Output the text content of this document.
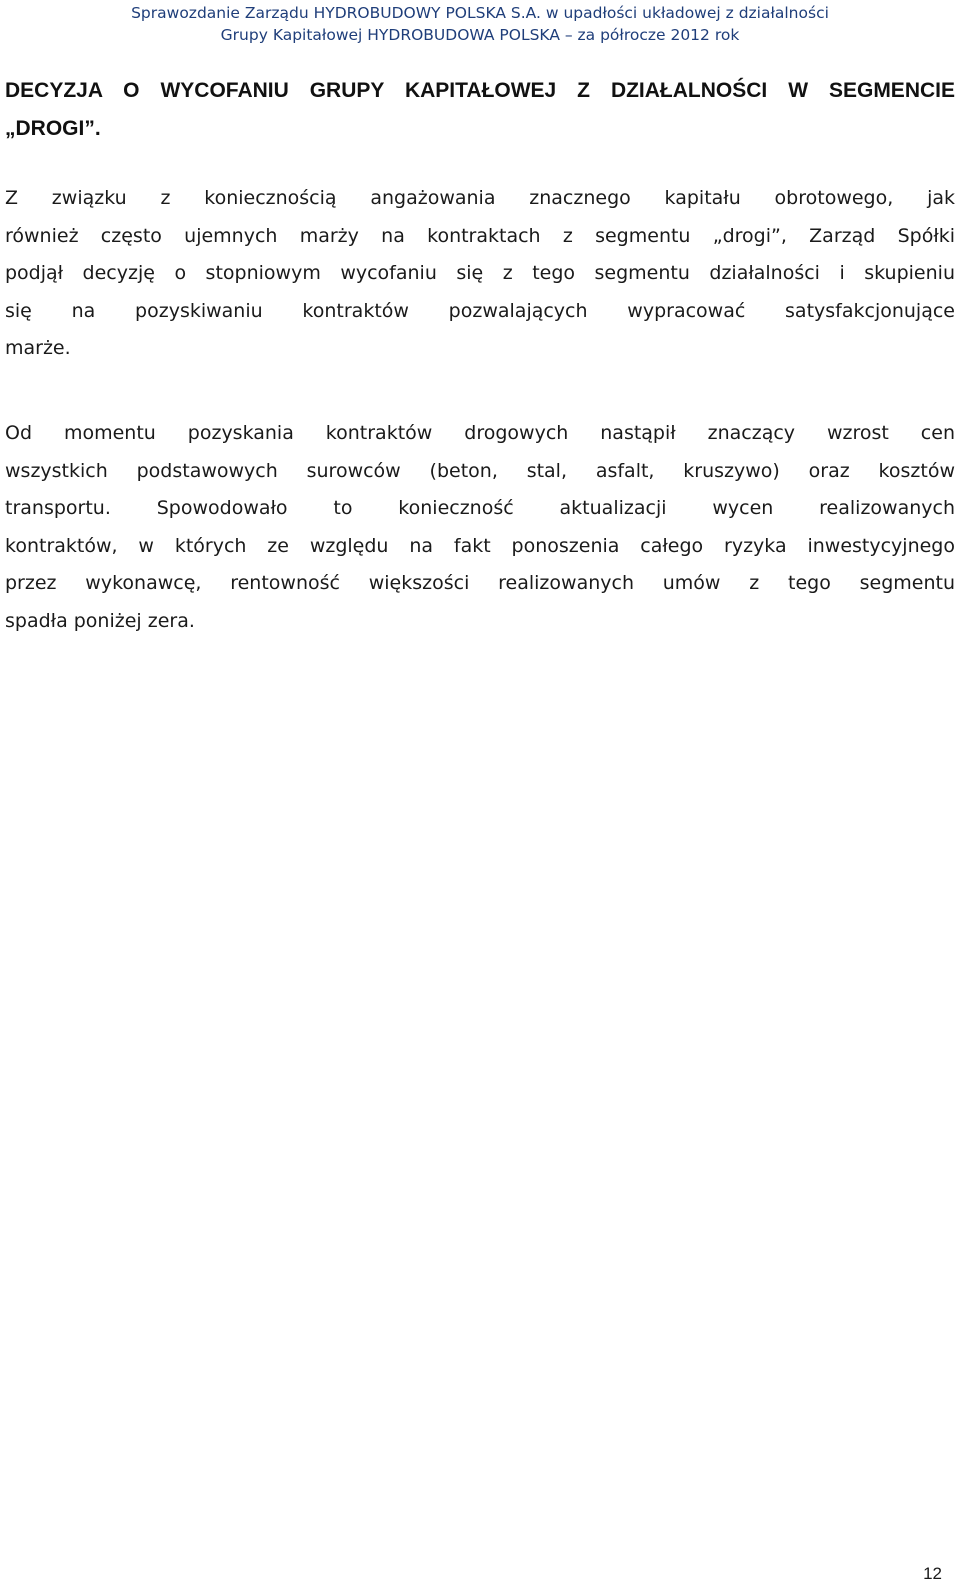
Sprawozdanie Zarządu HYDROBUDOWY POLSKA S.A. w upadłości układowej z działalności
Grupy Kapitałowej HYDROBUDOWA POLSKA – za półrocze 2012 rok
DECYZJA O WYCOFANIU GRUPY KAPITAŁOWEJ Z DZIAŁALNOŚCI W SEGMENCIE
„DROGI”.

Z związku z koniecznością angażowania znacznego kapitału obrotowego, jak
również często ujemnych marży na kontraktach z segmentu „drogi”, Zarząd Spółki
podjął decyzję o stopniowym wycofaniu się z tego segmentu działalności i skupieniu
się na pozyskiwaniu kontraktów pozwalających wypracować satysfakcjonujące
marże.

Od momentu pozyskania kontraktów drogowych nastąpił znaczący wzrost cen
wszystkich podstawowych surowców (beton, stal, asfalt, kruszywo) oraz kosztów
transportu. Spowodowało to konieczność aktualizacji wycen realizowanych
kontraktów, w których ze względu na fakt ponoszenia całego ryzyka inwestycyjnego
przez wykonawcę, rentowność większości realizowanych umów z tego segmentu
spadła poniżej zera.

12
